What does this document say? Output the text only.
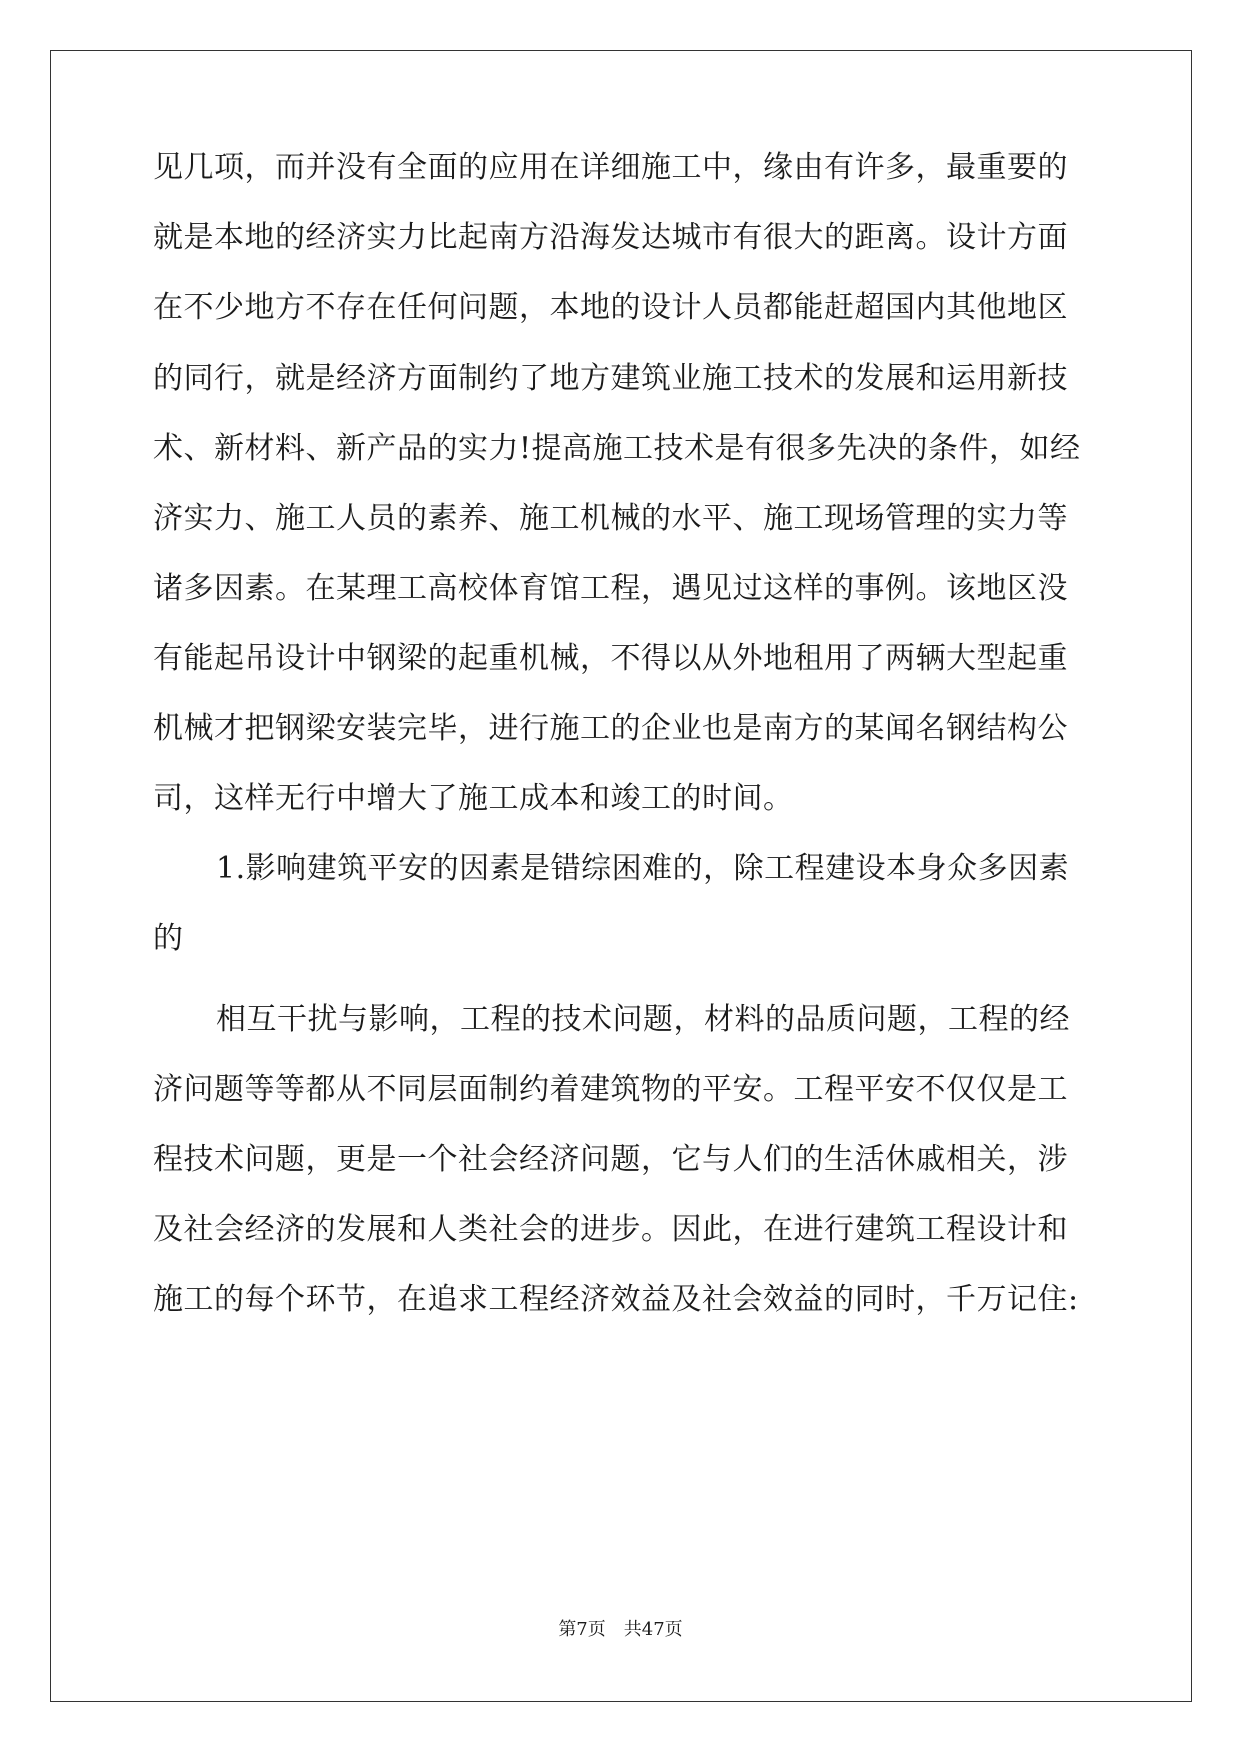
见几项，而并没有全面的应用在详细施工中，缘由有许多，最重要的
就是本地的经济实力比起南方沿海发达城市有很大的距离。设计方面
在不少地方不存在任何问题，本地的设计人员都能赶超国内其他地区
的同行，就是经济方面制约了地方建筑业施工技术的发展和运用新技
术、新材料、新产品的实力!提高施工技术是有很多先决的条件，如经
济实力、施工人员的素养、施工机械的水平、施工现场管理的实力等
诸多因素。在某理工高校体育馆工程，遇见过这样的事例。该地区没
有能起吊设计中钢梁的起重机械，不得以从外地租用了两辆大型起重
机械才把钢梁安装完毕，进行施工的企业也是南方的某闻名钢结构公
司，这样无行中增大了施工成本和竣工的时间。
1.影响建筑平安的因素是错综困难的，除工程建设本身众多因素
的
相互干扰与影响，工程的技术问题，材料的品质问题，工程的经
济问题等等都从不同层面制约着建筑物的平安。工程平安不仅仅是工
程技术问题，更是一个社会经济问题，它与人们的生活休戚相关，涉
及社会经济的发展和人类社会的进步。因此，在进行建筑工程设计和
施工的每个环节，在追求工程经济效益及社会效益的同时，千万记住:
第7页 共47页
